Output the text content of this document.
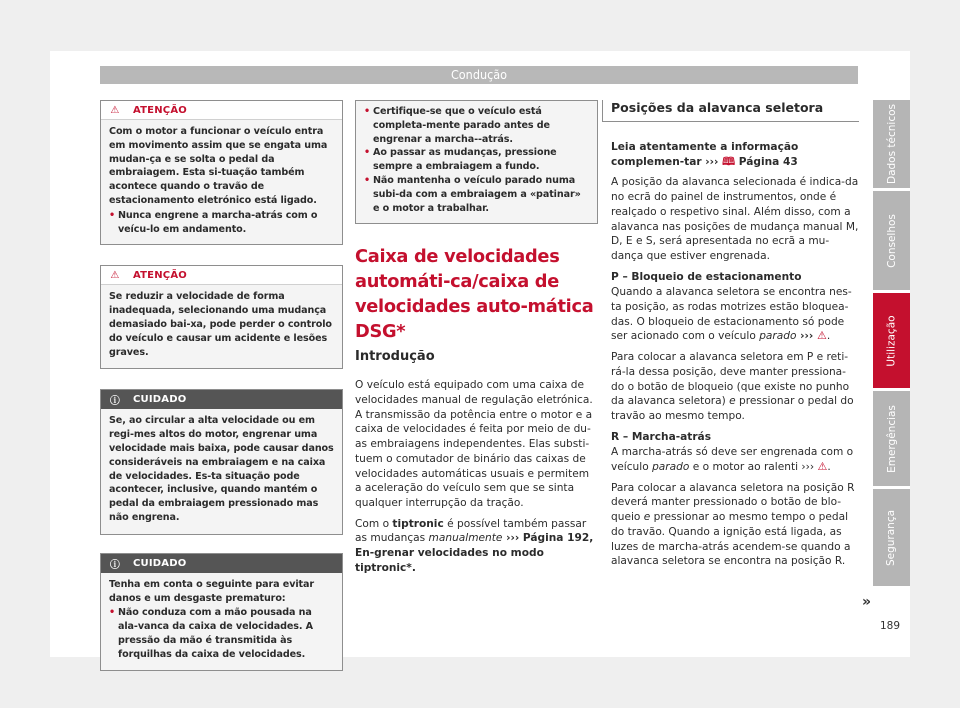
Condução
⚠	ATENÇÃO

Com o motor a funcionar o veículo entra em movimento assim que se engata uma mudan-ça e se solta o pedal da embraiagem. Esta si-tuação também acontece quando o travão de estacionamento eletrónico está ligado.

• Nunca engrene a marcha-atrás com o veícu-lo em andamento.
⚠	ATENÇÃO

Se reduzir a velocidade de forma inadequada, selecionando uma mudança demasiado bai-xa, pode perder o controlo do veículo e causar um acidente e lesões graves.

ⓘ CUIDADO

Se, ao circular a alta velocidade ou em regi-mes altos do motor, engrenar uma velocidade mais baixa, pode causar danos consideráveis na embraiagem e na caixa de velocidades. Es-ta situação pode acontecer, inclusive, quando mantém o pedal da embraiagem pressionado mas não engrena.

ⓘ CUIDADO

Tenha em conta o seguinte para evitar danos e um desgaste prematuro:

• Não conduza com a mão pousada na ala-vanca da caixa de velocidades. A pressão da mão é transmitida às forquilhas da caixa de velocidades.
• Certifique-se que o veículo está completa-mente parado antes de engrenar a marcha--atrás.
• Ao passar as mudanças, pressione sempre a embraiagem a fundo.
• Não mantenha o veículo parado numa subi-da com a embraiagem a «patinar» e o motor a trabalhar.
Caixa de velocidades automáti-ca/caixa de velocidades auto-mática DSG*
Introdução

O veículo está equipado com uma caixa de velocidades manual de regulação eletrónica. A transmissão da potência entre o motor e a caixa de velocidades é feita por meio de du-as embraiagens independentes. Elas substi-tuem o comutador de binário das caixas de velocidades automáticas usuais e permitem a aceleração do veículo sem que se sinta qualquer interrupção da tração.

Com o tiptronic é possível também passar as mudanças manualmente ››› Página 192, En-grenar velocidades no modo tiptronic*.

Posições da alavanca seletora

Leia atentamente a informação complemen-tar ››› 🕮 Página 43

A posição da alavanca selecionada é indica-da no ecrã do painel de instrumentos, onde é realçado o respetivo sinal. Além disso, com a alavanca nas posições de mudança manual M, D, E e S, será apresentada no ecrã a mu-dança que estiver engrenada.

P – Bloqueio de estacionamento

Quando a alavanca seletora se encontra nes-ta posição, as rodas motrizes estão bloquea-das. O bloqueio de estacionamento só pode ser acionado com o veículo parado ››› ⚠.

Para colocar a alavanca seletora em P e reti-rá-la dessa posição, deve manter pressiona-do o botão de bloqueio (que existe no punho da alavanca seletora) e pressionar o pedal do travão ao mesmo tempo.

R – Marcha-atrás

A marcha-atrás só deve ser engrenada com o veículo parado e o motor ao ralenti ››› ⚠.

Para colocar a alavanca seletora na posição R deverá manter pressionado o botão de blo-queio e pressionar ao mesmo tempo o pedal do travão. Quando a ignição está ligada, as luzes de marcha-atrás acendem-se quando a alavanca seletora se encontra na posição R.

»
Dados técnicos
Conselhos
Utilização
Emergências
Segurança
189
